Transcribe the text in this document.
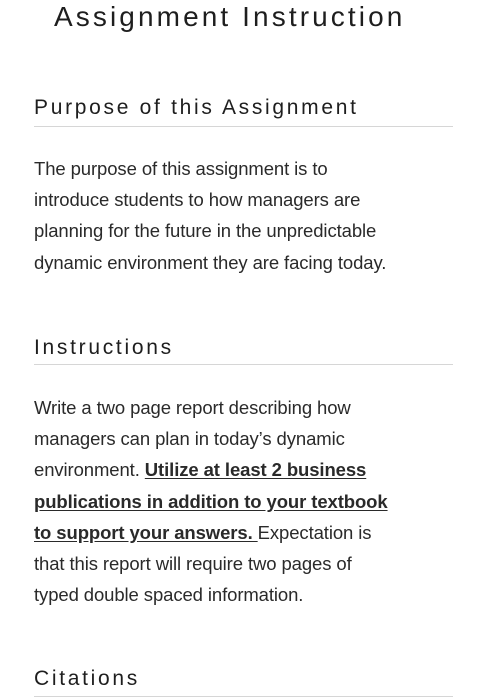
Assignment Instruction
Purpose of this Assignment
The purpose of this assignment is to
introduce students to how managers are
planning for the future in the unpredictable
dynamic environment they are facing today.
Instructions
Write a two page report describing how
managers can plan in today’s dynamic
environment. Utilize at least 2 business
publications in addition to your textbook
to support your answers. Expectation is
that this report will require two pages of
typed double spaced information.
Citations
